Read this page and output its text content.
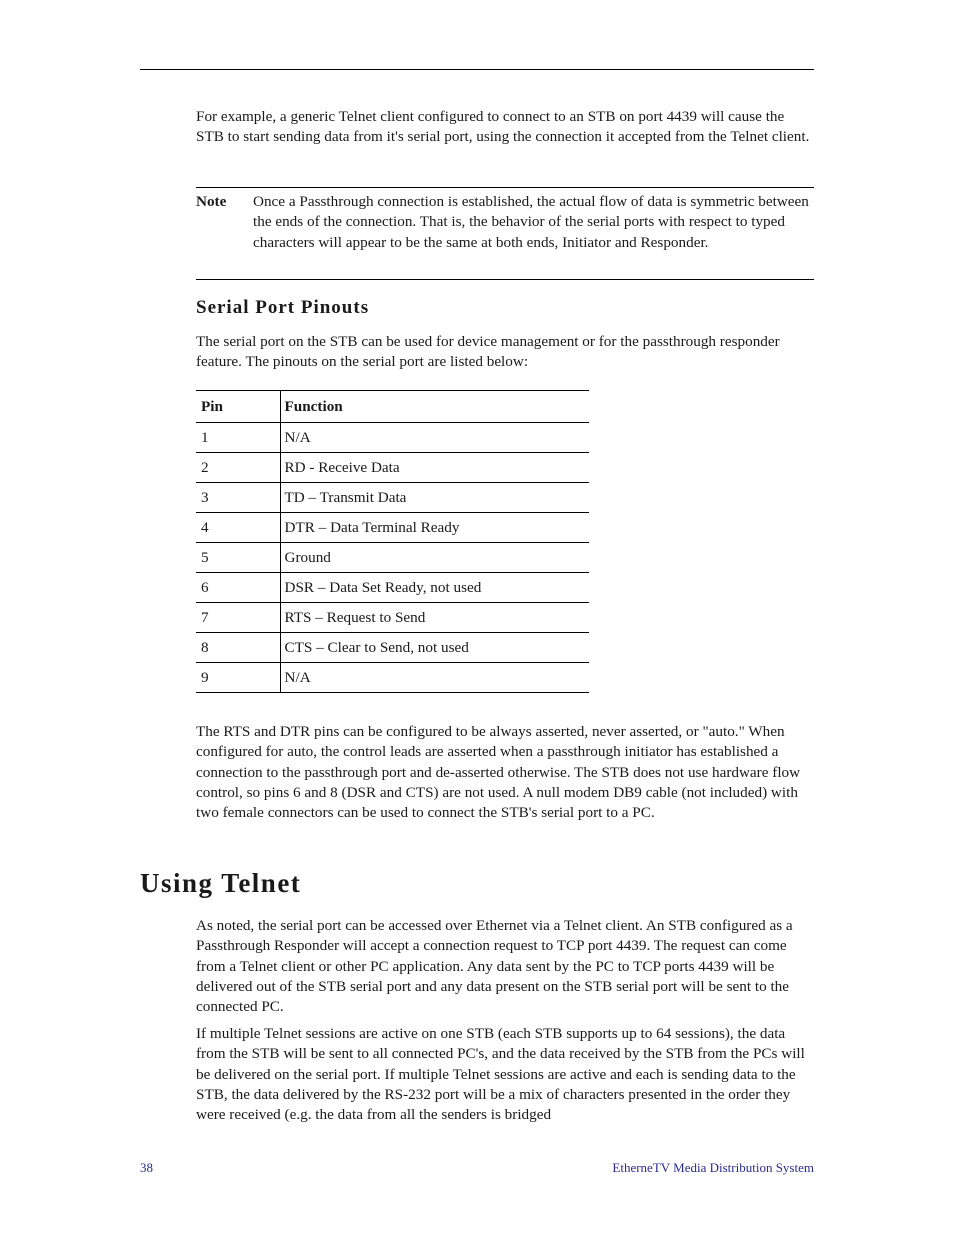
For example, a generic Telnet client configured to connect to an STB on port 4439 will cause the STB to start sending data from it's serial port, using the connection it accepted from the Telnet client.

Note Once a Passthrough connection is established, the actual flow of data is symmetric between the ends of the connection. That is, the behavior of the serial ports with respect to typed characters will appear to be the same at both ends, Initiator and Responder.
Serial Port Pinouts

The serial port on the STB can be used for device management or for the passthrough responder feature. The pinouts on the serial port are listed below:

Pin	Function
1	N/A
2	RD - Receive Data
3	TD – Transmit Data
4	DTR – Data Terminal Ready
5	Ground
6	DSR – Data Set Ready, not used
7	RTS – Request to Send
8	CTS – Clear to Send, not used
9	N/A

The RTS and DTR pins can be configured to be always asserted, never asserted, or "auto." When configured for auto, the control leads are asserted when a passthrough initiator has established a connection to the passthrough port and de-asserted otherwise. The STB does not use hardware flow control, so pins 6 and 8 (DSR and CTS) are not used. A null modem DB9 cable (not included) with two female connectors can be used to connect the STB's serial port to a PC.

Using Telnet

As noted, the serial port can be accessed over Ethernet via a Telnet client. An STB configured as a Passthrough Responder will accept a connection request to TCP port 4439. The request can come from a Telnet client or other PC application. Any data sent by the PC to TCP ports 4439 will be delivered out of the STB serial port and any data present on the STB serial port will be sent to the connected PC.

If multiple Telnet sessions are active on one STB (each STB supports up to 64 sessions), the data from the STB will be sent to all connected PC's, and the data received by the STB from the PCs will be delivered on the serial port. If multiple Telnet sessions are active and each is sending data to the STB, the data delivered by the RS-232 port will be a mix of characters presented in the order they were received (e.g. the data from all the senders is bridged

38	EtherneTV Media Distribution System
